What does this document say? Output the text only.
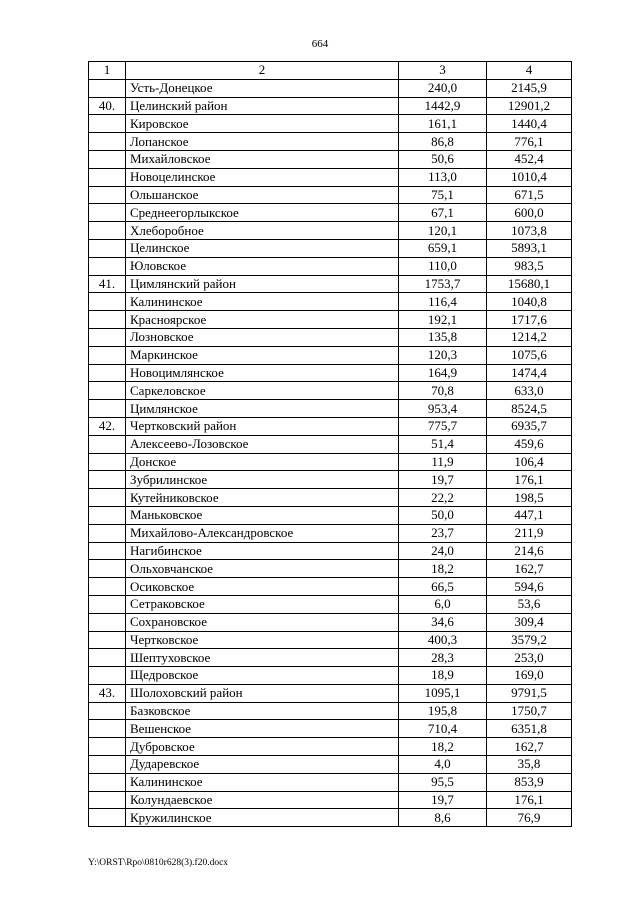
664
1	2	3	4
	Усть-Донецкое	240,0	2145,9
40.	Целинский район	1442,9	12901,2
	Кировское	161,1	1440,4
	Лопанское	86,8	776,1
	Михайловское	50,6	452,4
	Новоцелинское	113,0	1010,4
	Ольшанское	75,1	671,5
	Среднеегорлыкское	67,1	600,0
	Хлеборобное	120,1	1073,8
	Целинское	659,1	5893,1
	Юловское	110,0	983,5
41.	Цимлянский район	1753,7	15680,1
	Калининское	116,4	1040,8
	Красноярское	192,1	1717,6
	Лозновское	135,8	1214,2
	Маркинское	120,3	1075,6
	Новоцимлянское	164,9	1474,4
	Саркеловское	70,8	633,0
	Цимлянское	953,4	8524,5
42.	Чертковский район	775,7	6935,7
	Алексеево-Лозовское	51,4	459,6
	Донское	11,9	106,4
	Зубрилинское	19,7	176,1
	Кутейниковское	22,2	198,5
	Маньковское	50,0	447,1
	Михайлово-Александровское	23,7	211,9
	Нагибинское	24,0	214,6
	Ольховчанское	18,2	162,7
	Осиковское	66,5	594,6
	Сетраковское	6,0	53,6
	Сохрановское	34,6	309,4
	Чертковское	400,3	3579,2
	Шептуховское	28,3	253,0
	Щедровское	18,9	169,0
43.	Шолоховский район	1095,1	9791,5
	Базковское	195,8	1750,7
	Вешенское	710,4	6351,8
	Дубровское	18,2	162,7
	Дударевское	4,0	35,8
	Калининское	95,5	853,9
	Колундаевское	19,7	176,1
	Кружилинское	8,6	76,9
Y:\ORST\Rpo\0810r628(3).f20.docx
